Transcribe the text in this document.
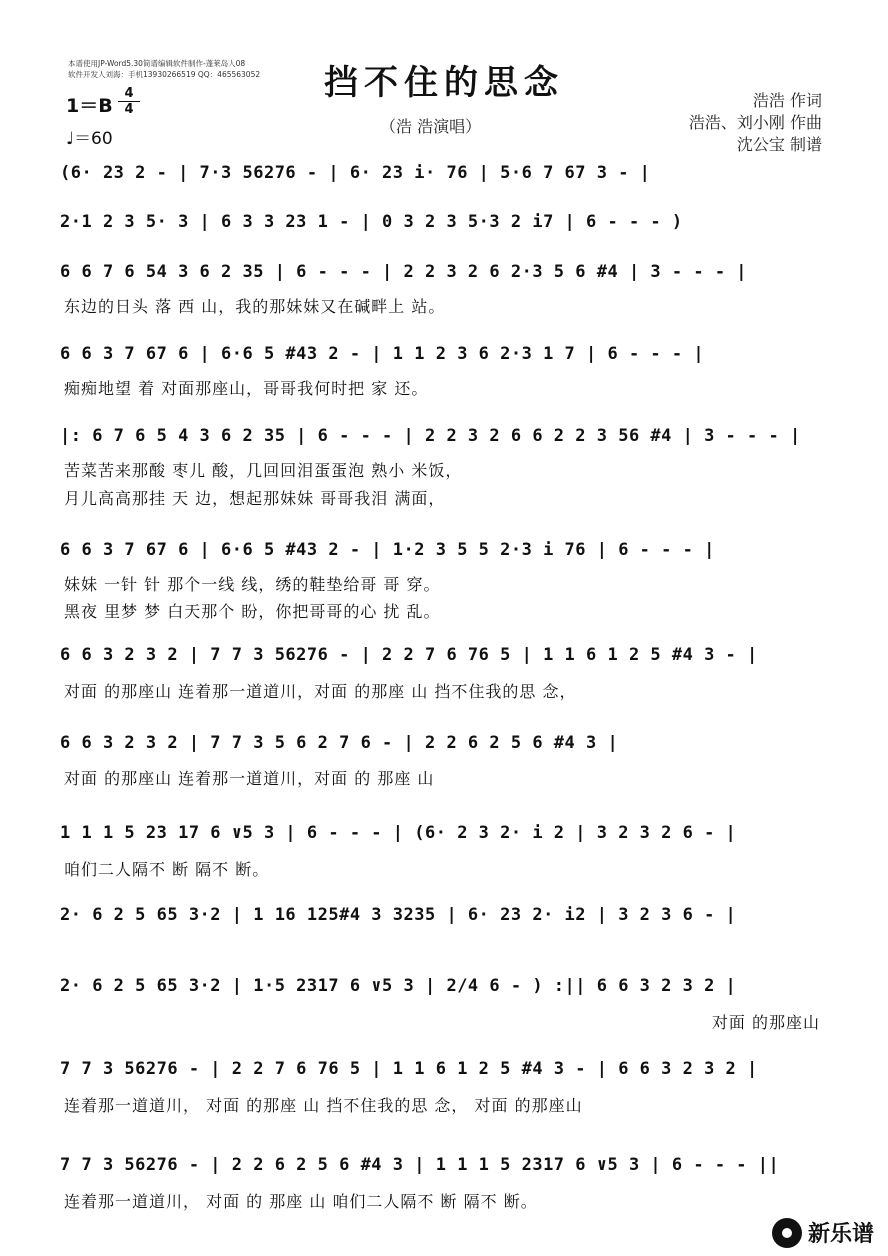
本谱使用JP-Word5.30简谱编辑软件制作-蓬莱岛人08
软件开发人刘海：手机13930266519 QQ：465563052	挡不住的思念
（浩 浩演唱）
浩浩 作词
浩浩、刘小刚 作曲
沈公宝 制谱
1＝B
4
4
♩＝60
(6· 23 2 - | 7·3 56276 - | 6· 23 i· 76 | 5·6 7 67 3 - |
2·1 2 3 5· 3 | 6 3 3 23 1 - | 0 3 2 3 5·3 2 i7 | 6 - - - )
6 6 7 6 54 3 6 2 35 | 6 - - - | 2 2 3 2 6 2·3 5 6 #4 | 3 - - - |
东边的日头 落 西 山，我的那妹妹又在碱畔上 站。
6 6 3 7 67 6 | 6·6 5 #43 2 - | 1 1 2 3 6 2·3 1 7 | 6 - - - |
痴痴地望 着 对面那座山，哥哥我何时把 家 还。
|: 6 7 6 5 4 3 6 2 35 | 6 - - - | 2 2 3 2 6 6 2 2 3 56 #4 | 3 - - - |
苦菜苦来那酸 枣儿 酸，几回回泪蛋蛋泡 熟小 米饭，
月儿高高那挂 天 边，想起那妹妹 哥哥我泪 满面，
6 6 3 7 67 6 | 6·6 5 #43 2 - | 1·2 3 5 5 2·3 i 76 | 6 - - - |
妹妹 一针 针 那个一线 线，绣的鞋垫给哥 哥 穿。
黑夜 里梦 梦 白天那个 盼，你把哥哥的心 扰 乱。
6 6 3 2 3 2 | 7 7 3 56276 - | 2 2 7 6 76 5 | 1 1 6 1 2 5 #4 3 - |
对面 的那座山 连着那一道道川，对面 的那座 山 挡不住我的思 念，
6 6 3 2 3 2 | 7 7 3 5 6 2 7 6 - | 2 2 6 2 5 6 #4 3 |
对面 的那座山 连着那一道道川，对面 的 那座 山
1 1 1 5 23 17 6 ∨5 3 | 6 - - - | (6· 2 3 2· i 2 | 3 2 3 2 6 - |
咱们二人隔不 断 隔不 断。
2· 6 2 5 65 3·2 | 1 16 125#4 3 3235 | 6· 23 2· i2 | 3 2 3 6 - |
2· 6 2 5 65 3·2 | 1·5 2317 6 ∨5 3 | 2/4 6 - ) :|| 6 6 3 2 3 2 |
对面 的那座山
7 7 3 56276 - | 2 2 7 6 76 5 | 1 1 6 1 2 5 #4 3 - | 6 6 3 2 3 2 |
连着那一道道川， 对面 的那座 山 挡不住我的思 念， 对面 的那座山
7 7 3 56276 - | 2 2 6 2 5 6 #4 3 | 1 1 1 5 2317 6 ∨5 3 | 6 - - - ||
连着那一道道川， 对面 的 那座 山 咱们二人隔不 断 隔不 断。
新乐谱
